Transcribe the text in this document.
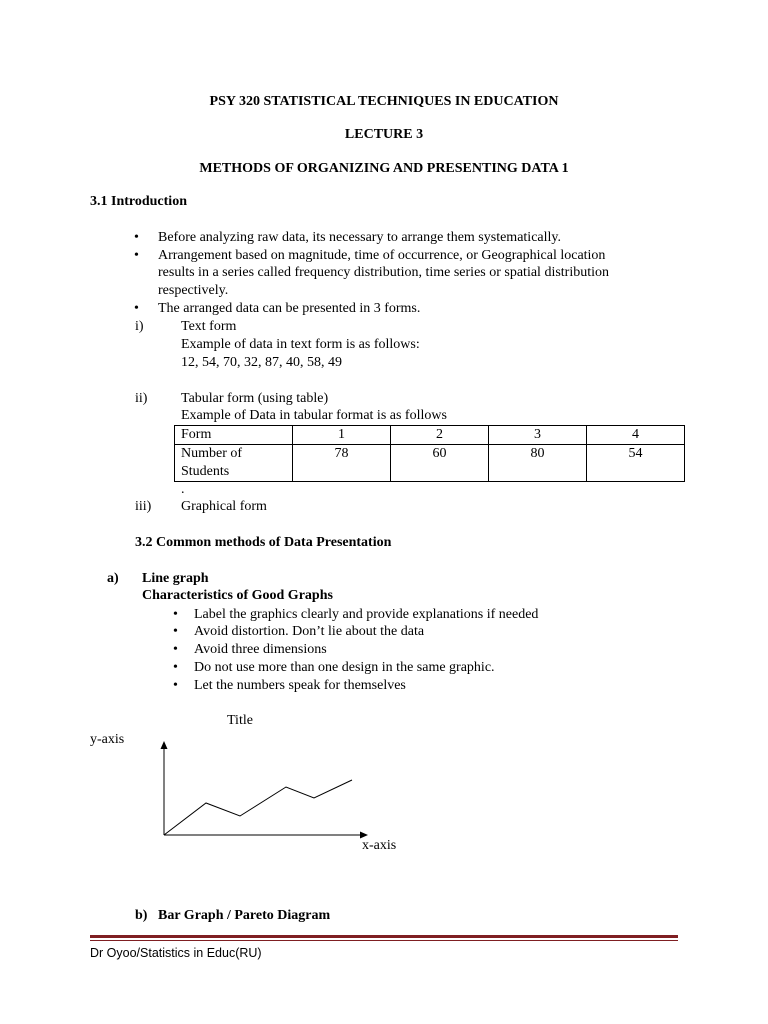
PSY 320 STATISTICAL TECHNIQUES IN EDUCATION
LECTURE 3
METHODS OF ORGANIZING AND PRESENTING DATA 1
3.1 Introduction
•
Before analyzing raw data, its necessary to arrange them systematically.
•
Arrangement based on magnitude, time of occurrence, or Geographical location
results in a series called frequency distribution, time series or spatial distribution
respectively.
•
The arranged data can be presented in 3 forms.
i)	Text form
Example of data in text form is as follows:
12, 54, 70, 32, 87, 40, 58, 49
ii) Tabular form (using table)
Example of Data in tabular format is as follows
Form	1	2	3	4
Number of Students	78	60	80	54
.
iii) Graphical form
3.2 Common methods of Data Presentation
a) Line graph
Characteristics of Good Graphs
•
Label the graphics clearly and provide explanations if needed
•
Avoid distortion. Don’t lie about the data
•
Avoid three dimensions
•
Do not use more than one design in the same graphic.
•
Let the numbers speak for themselves
Title
y-axis
x-axis
b) Bar Graph / Pareto Diagram
Dr Oyoo/Statistics in Educ(RU)
